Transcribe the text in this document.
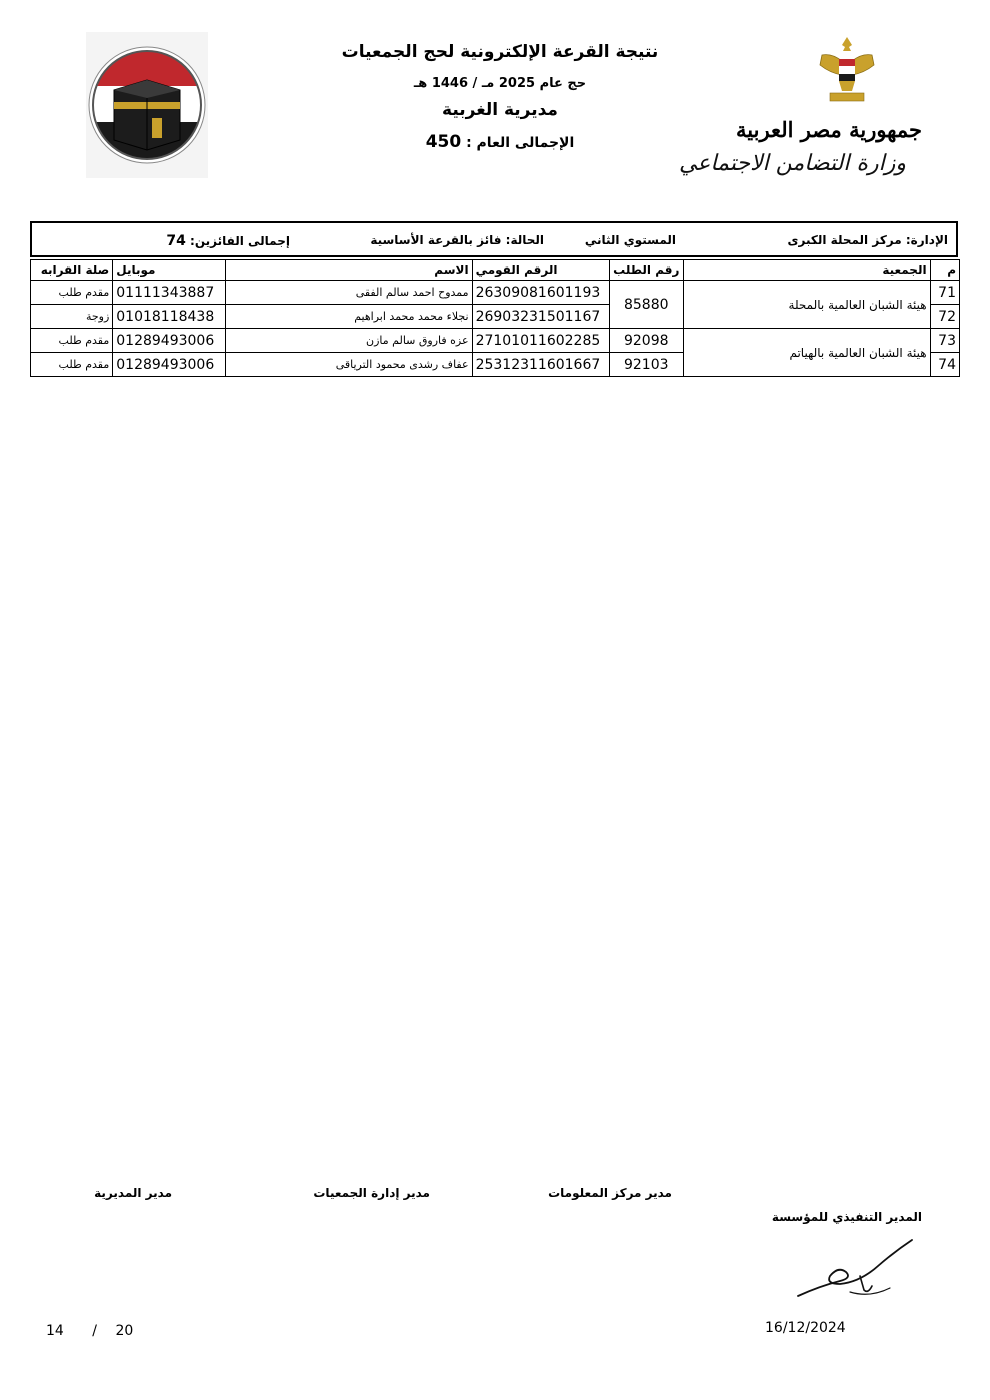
نتيجة القرعة الإلكترونية لحج الجمعيات
حج عام 2025 مـ / 1446 هـ
مديرية الغربية
الإجمالى العام : 450	جمهورية مصر العربية
وزارة التضامن الاجتماعي
الإدارة: مركز المحلة الكبرى
المستوي الثاني
الحالة: فائز بالقرعة الأساسية
إجمالى الفائزين: 74
م	الجمعية	رقم الطلب	الرقم القومي	الاسم	موبايل	صلة القرابه
71	هيئة الشبان العالمية بالمحلة	85880	26309081601193	ممدوح احمد سالم الفقى	01111343887	مقدم طلب
72			26903231501167	نجلاء محمد محمد ابراهيم	01018118438	زوجة
73	هيئة الشبان العالمية بالهياتم	92098	27101011602285	عزه فاروق سالم مازن	01289493006	مقدم طلب
74		92103	25312311601667	عفاف رشدى محمود الترياقى	01289493006	مقدم طلب
مدير المديرية	مدير إدارة الجمعيات	مدير مركز المعلومات
المدير التنفيذي للمؤسسة
16/12/2024
14 / 20
